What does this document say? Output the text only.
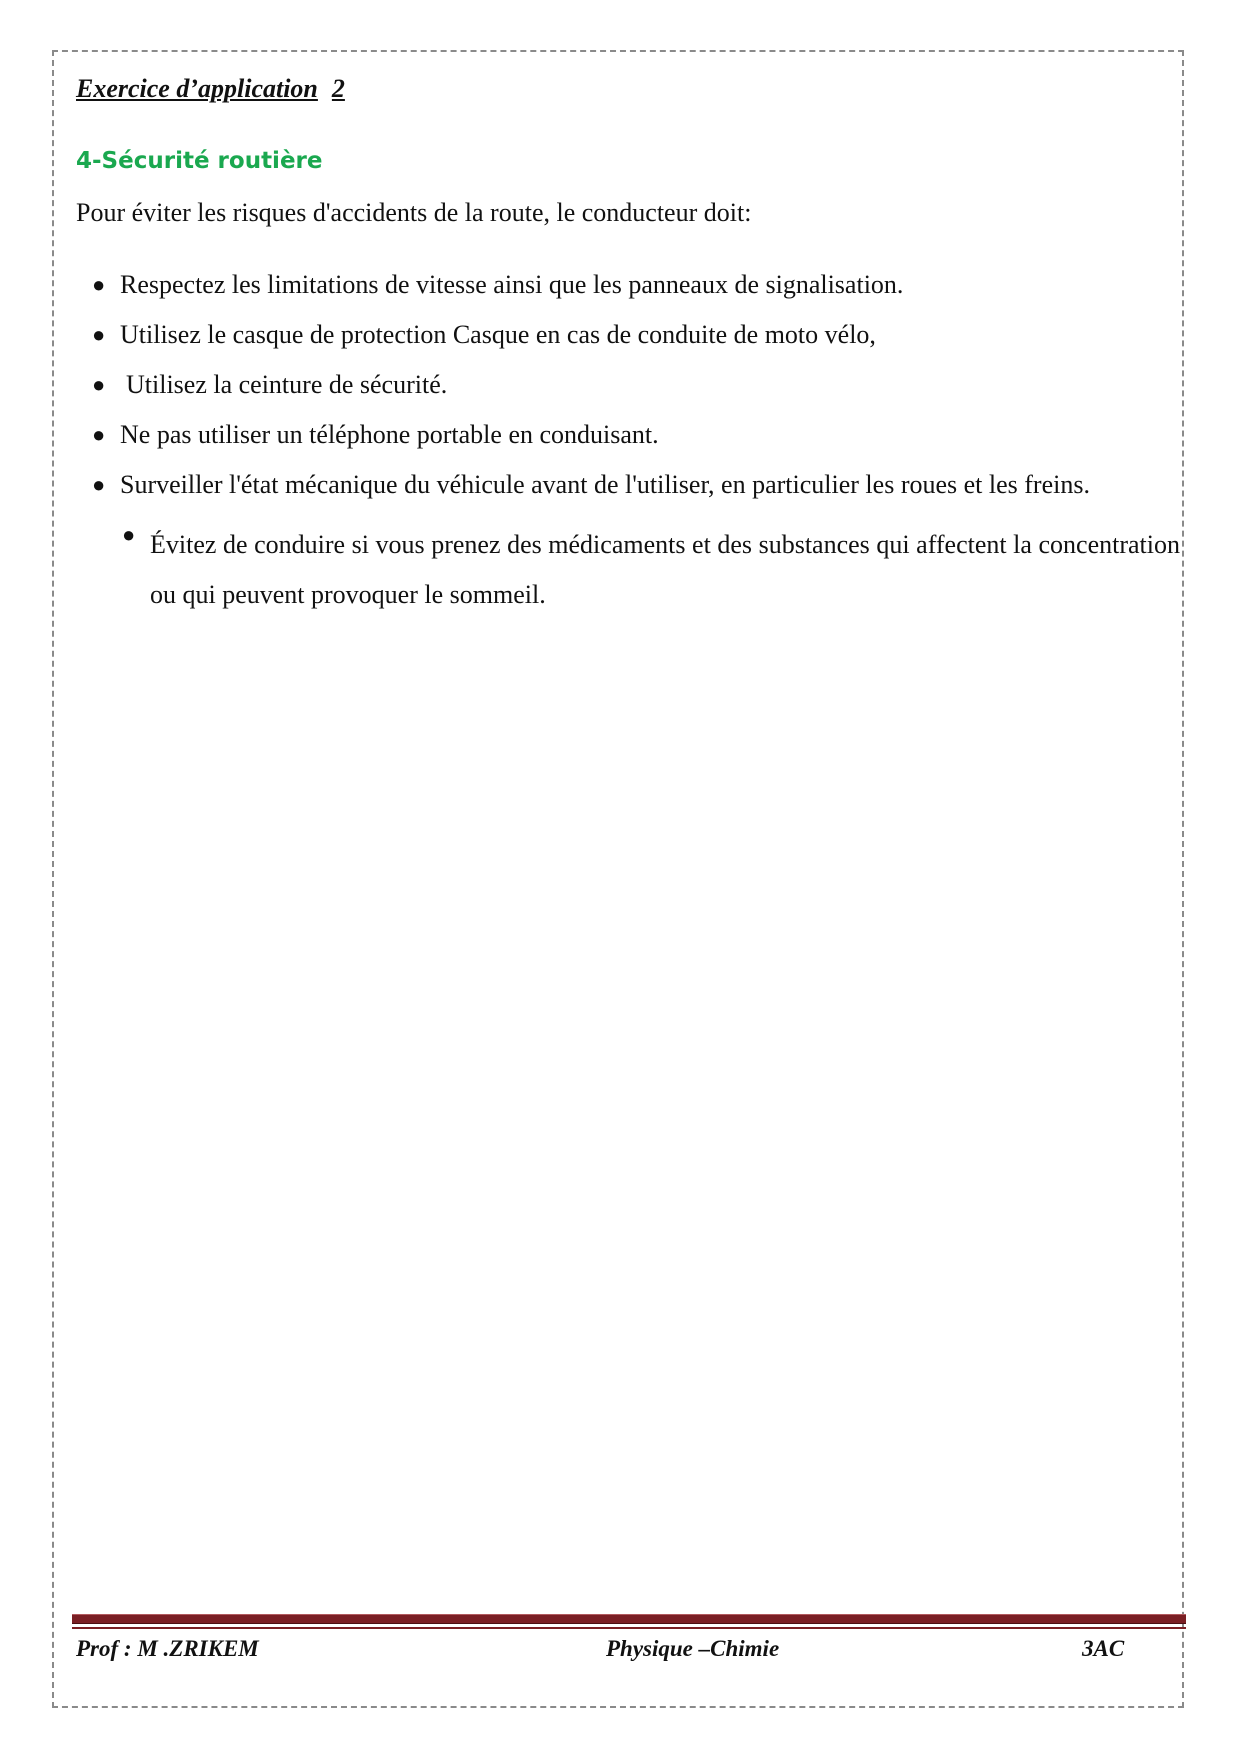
Exercice d’application 2
4-Sécurité routière

Pour éviter les risques d'accidents de la route, le conducteur doit:

● Respectez les limitations de vitesse ainsi que les panneaux de signalisation.
● Utilisez le casque de protection Casque en cas de conduite de moto vélo,
● Utilisez la ceinture de sécurité.
● Ne pas utiliser un téléphone portable en conduisant.
● Surveiller l'état mécanique du véhicule avant de l'utiliser, en particulier les roues et les freins.
● Évitez de conduire si vous prenez des médicaments et des substances qui affectent la concentration ou qui peuvent provoquer le sommeil.

Prof : M .ZRIKEM	Physique –Chimie	3AC
